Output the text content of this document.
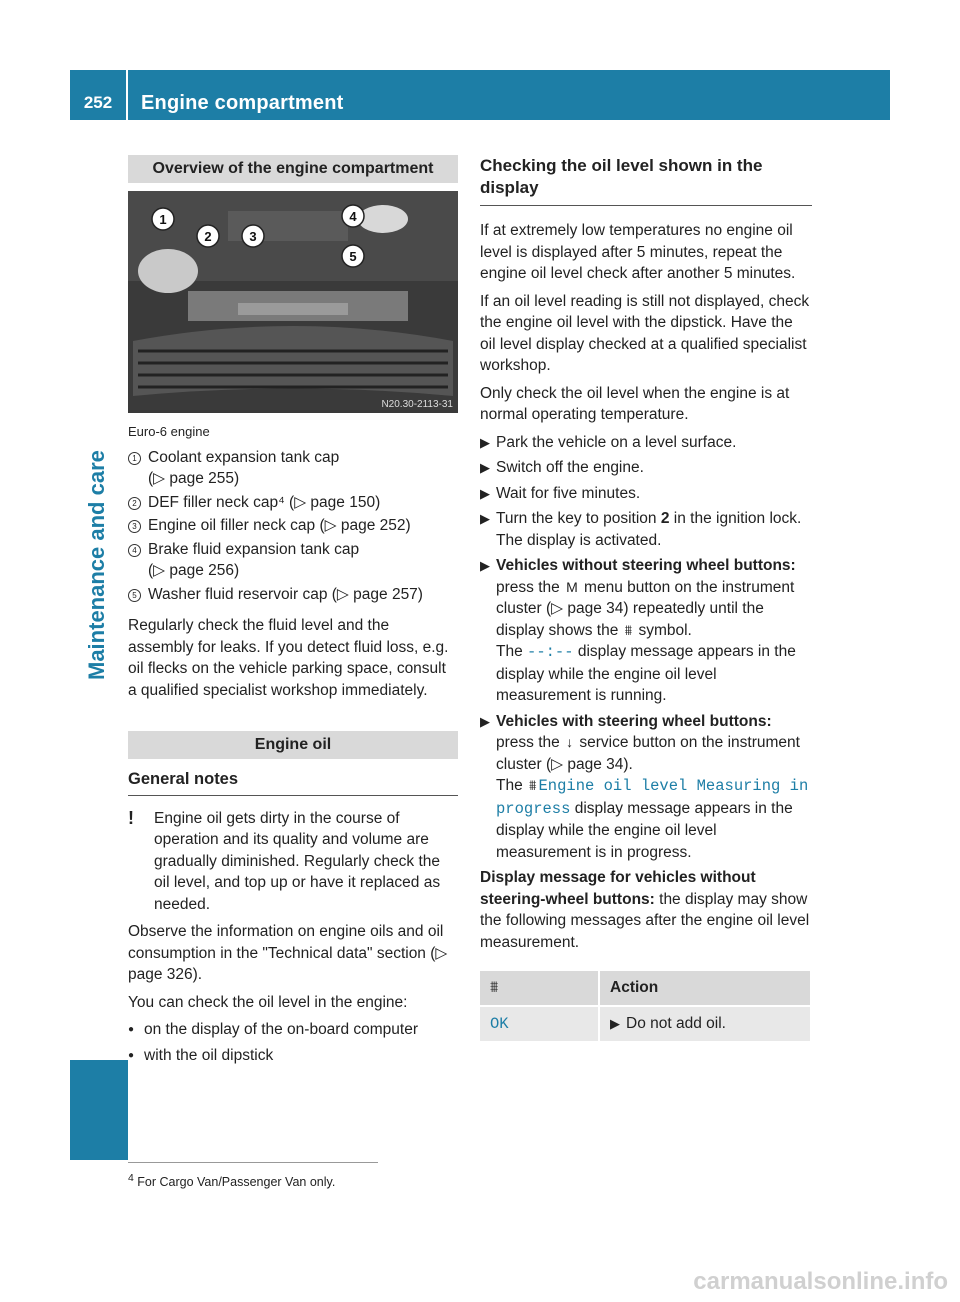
252	Engine compartment
Maintenance and care
Overview of the engine compartment
1
2	3
4
5
N20.30-2113-31
Euro-6 engine
1 Coolant expansion tank cap
(▷ page 255)
2 DEF filler neck cap⁴ (▷ page 150)
3 Engine oil filler neck cap (▷ page 252)
4 Brake fluid expansion tank cap
(▷ page 256)
5 Washer fluid reservoir cap (▷ page 257)

Regularly check the fluid level and the assembly for leaks. If you detect fluid loss, e.g. oil flecks on the vehicle parking space, consult a qualified specialist workshop immediately.

Engine oil
General notes
!	Engine oil gets dirty in the course of operation and its quality and volume are gradually diminished. Regularly check the oil level, and top up or have it replaced as needed.

Observe the information on engine oils and oil consumption in the "Technical data" section (▷ page 326).

You can check the oil level in the engine:

● on the display of the on-board computer
● with the oil dipstick
Checking the oil level shown in the display

If at extremely low temperatures no engine oil level is displayed after 5 minutes, repeat the engine oil level check after another 5 minutes.

If an oil level reading is still not displayed, check the engine oil level with the dipstick. Have the oil level display checked at a qualified specialist workshop.

Only check the oil level when the engine is at normal operating temperature.

▶ Park the vehicle on a level surface.
▶ Switch off the engine.
▶ Wait for five minutes.
▶ Turn the key to position 2 in the ignition lock.
The display is activated.
▶ Vehicles without steering wheel buttons: press the M menu button on the instrument cluster (▷ page 34) repeatedly until the display shows the ⩩ symbol.
The --:-- display message appears in the display while the engine oil level measurement is running.
▶ Vehicles with steering wheel buttons: press the ↓ service button on the instrument cluster (▷ page 34).
The ⩩ Engine oil level Measuring in progress display message appears in the display while the engine oil level measurement is in progress.

Display message for vehicles without steering-wheel buttons: the display may show the following messages after the engine oil level measurement.

⩩	Action
OK	▶ Do not add oil.
$^4$ For Cargo Van/Passenger Van only.
carmanualsonline.info
